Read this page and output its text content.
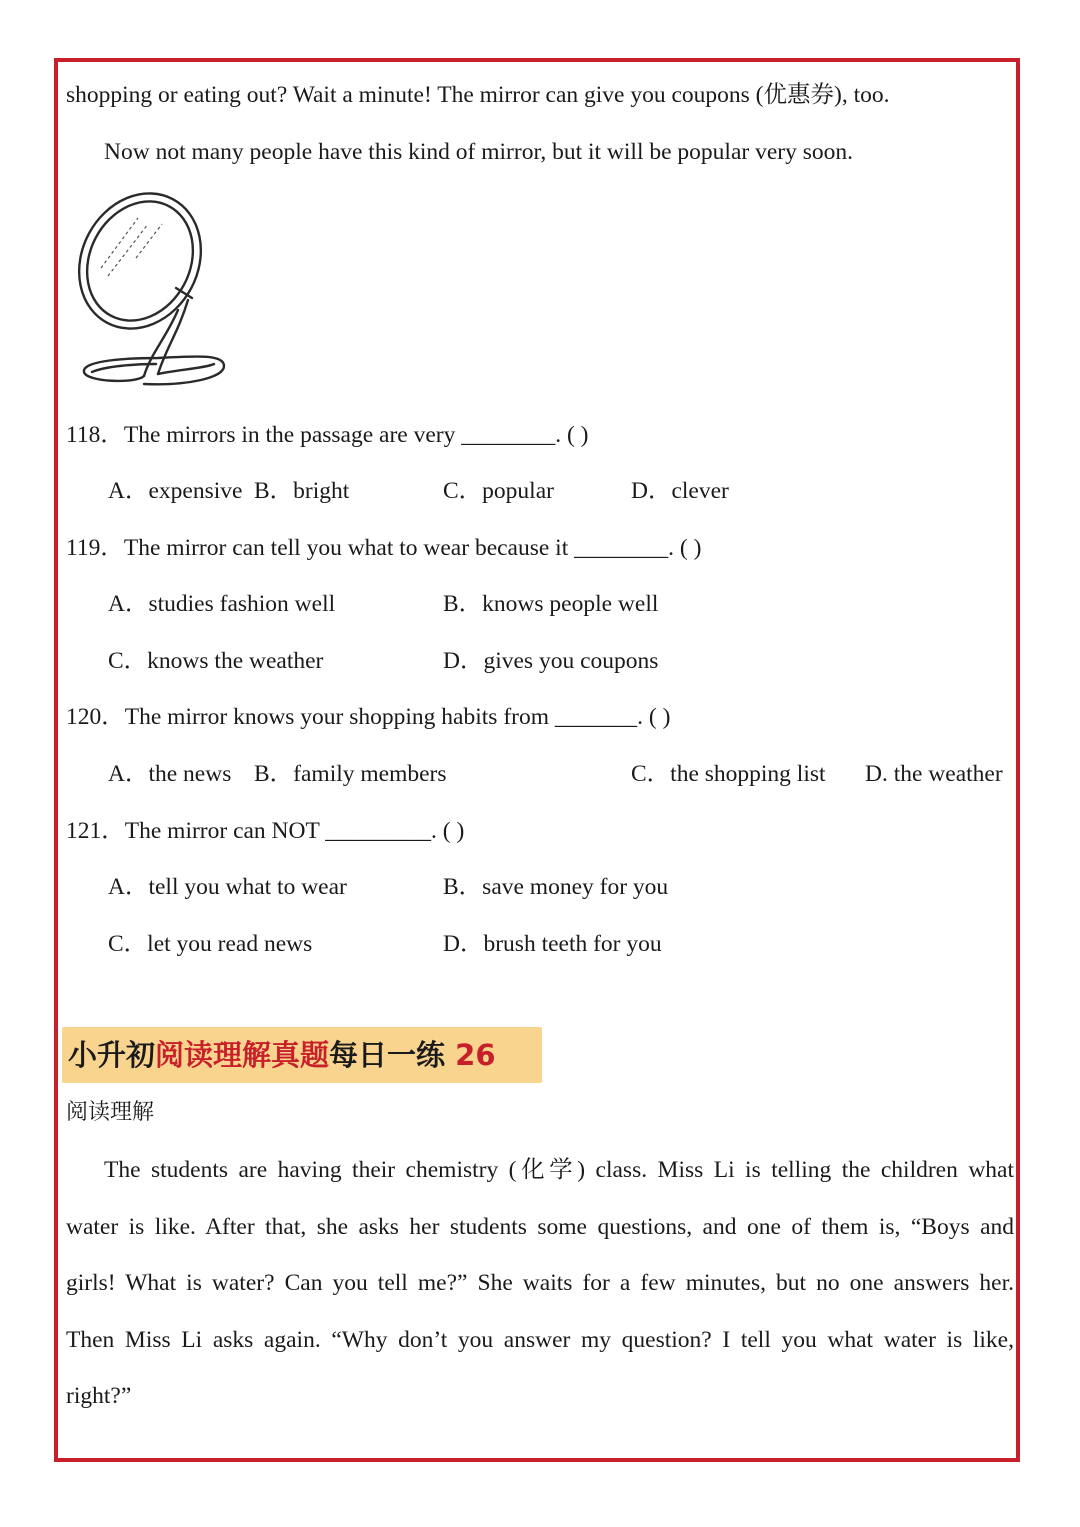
shopping or eating out? Wait a minute! The mirror can give you coupons (优惠券), too.
Now not many people have this kind of mirror, but it will be popular very soon.
118．The mirrors in the passage are very ________. ( )
A．expensive B．bright	C．popular	D．clever
119．The mirror can tell you what to wear because it ________. ( )
A．studies fashion well	B．knows people well
C．knows the weather	D．gives you coupons
120．The mirror knows your shopping habits from _______. ( )
A．the news B．family members	C．the shopping list D. the weather
121．The mirror can NOT _________. ( )
A．tell you what to wear	B．save money for you
C．let you read news	D．brush teeth for you
小升初阅读理解真题每日一练 26
阅读理解
The students are having their chemistry (化学) class. Miss Li is telling the children what
water is like. After that, she asks her students some questions, and one of them is, “Boys and
girls! What is water? Can you tell me?” She waits for a few minutes, but no one answers her.
Then Miss Li asks again. “Why don’t you answer my question? I tell you what water is like,
right?”
